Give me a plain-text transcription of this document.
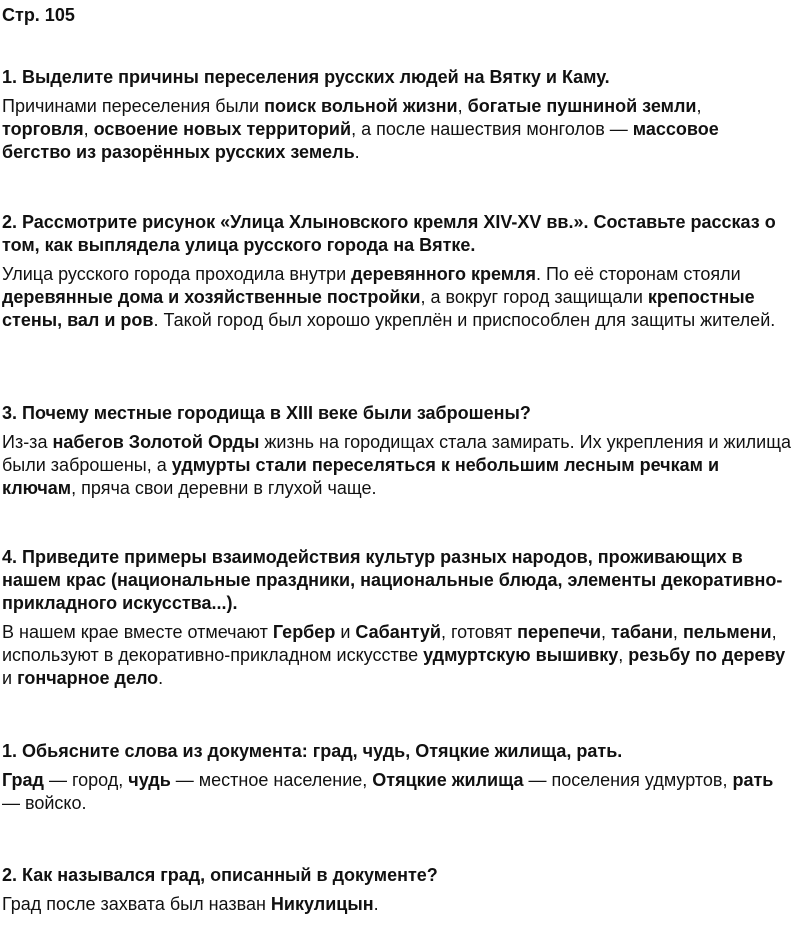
Стр. 105

1. Выделите причины переселения русских людей на Вятку и Каму.

Причинами переселения были поиск вольной жизни, богатые пушниной земли, торговля, освоение новых территорий, а после нашествия монголов — массовое бегство из разорённых русских земель.

2. Рассмотрите рисунок «Улица Хлыновского кремля XIV-XV вв.». Составьте рассказ о том, как выплядела улица русского города на Вятке.

Улица русского города проходила внутри деревянного кремля. По её сторонам стояли деревянные дома и хозяйственные постройки, а вокруг город защищали крепостные стены, вал и ров. Такой город был хорошо укреплён и приспособлен для защиты жителей.

3. Почему местные городища в XIII веке были заброшены?

Из-за набегов Золотой Орды жизнь на городищах стала замирать. Их укрепления и жилища были заброшены, а удмурты стали переселяться к небольшим лесным речкам и ключам, пряча свои деревни в глухой чаще.

4. Приведите примеры взаимодействия культур разных народов, проживающих в нашем крас (национальные праздники, национальные блюда, элементы декоративно-прикладного искусства...).

В нашем крае вместе отмечают Гербер и Сабантуй, готовят перепечи, табани, пельмени, используют в декоративно-прикладном искусстве удмуртскую вышивку, резьбу по дереву и гончарное дело.

1. Обьясните слова из документа: град, чудь, Отяцкие жилища, рать.

Град — город, чудь — местное население, Отяцкие жилища — поселения удмуртов, рать — войско.

2. Как назывался град, описанный в документе?

Град после захвата был назван Никулицын.
